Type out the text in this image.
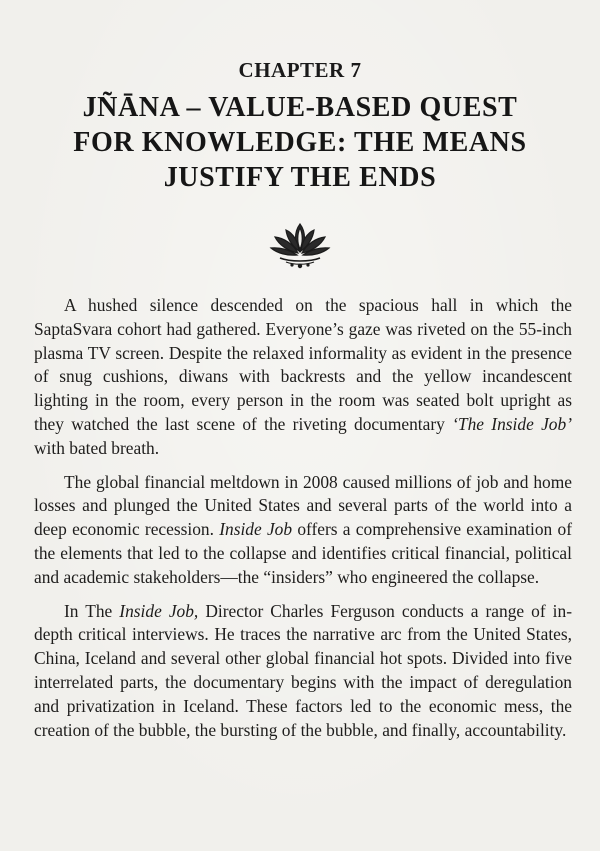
CHAPTER 7
JÑĀNA – VALUE-BASED QUEST FOR KNOWLEDGE: THE MEANS JUSTIFY THE ENDS

A hushed silence descended on the spacious hall in which the SaptaSvara cohort had gathered. Everyone’s gaze was riveted on the 55-inch plasma TV screen. Despite the relaxed informality as evident in the presence of snug cushions, diwans with backrests and the yellow incandescent lighting in the room, every person in the room was seated bolt upright as they watched the last scene of the riveting documentary ‘The Inside Job’ with bated breath.

The global financial meltdown in 2008 caused millions of job and home losses and plunged the United States and several parts of the world into a deep economic recession. Inside Job offers a comprehensive examination of the elements that led to the collapse and identifies critical financial, political and academic stakeholders—the “insiders” who engineered the collapse.

In The Inside Job, Director Charles Ferguson conducts a range of in-depth critical interviews. He traces the narrative arc from the United States, China, Iceland and several other global financial hot spots. Divided into five interrelated parts, the documentary begins with the impact of deregulation and privatization in Iceland. These factors led to the economic mess, the creation of the bubble, the bursting of the bubble, and finally, accountability.
